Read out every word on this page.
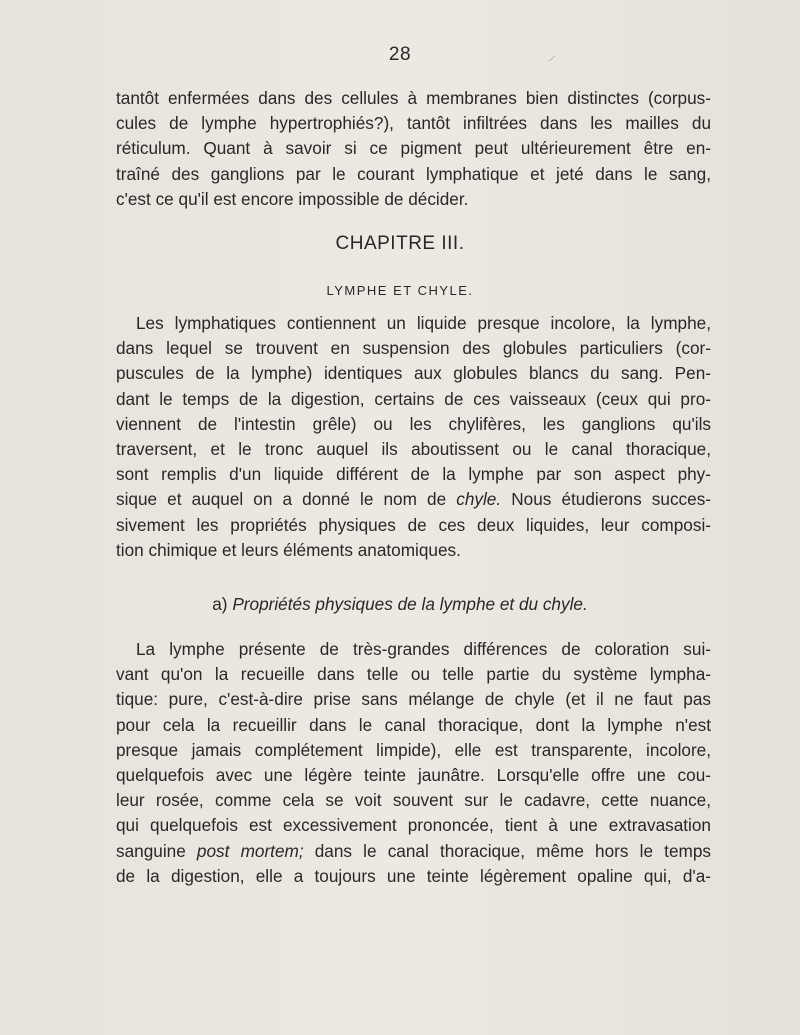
28
tantôt enfermées dans des cellules à membranes bien distinctes (corpus-
cules de lymphe hypertrophiés?), tantôt infiltrées dans les mailles du
réticulum. Quant à savoir si ce pigment peut ultérieurement être en-
traîné des ganglions par le courant lymphatique et jeté dans le sang,
c'est ce qu'il est encore impossible de décider.
CHAPITRE III.
LYMPHE ET CHYLE.
Les lymphatiques contiennent un liquide presque incolore, la lymphe,
dans lequel se trouvent en suspension des globules particuliers (cor-
puscules de la lymphe) identiques aux globules blancs du sang. Pen-
dant le temps de la digestion, certains de ces vaisseaux (ceux qui pro-
viennent de l'intestin grêle) ou les chylifères, les ganglions qu'ils
traversent, et le tronc auquel ils aboutissent ou le canal thoracique,
sont remplis d'un liquide différent de la lymphe par son aspect phy-
sique et auquel on a donné le nom de chyle. Nous étudierons succes-
sivement les propriétés physiques de ces deux liquides, leur composi-
tion chimique et leurs éléments anatomiques.
a) Propriétés physiques de la lymphe et du chyle.
La lymphe présente de très-grandes différences de coloration sui-
vant qu'on la recueille dans telle ou telle partie du système lympha-
tique: pure, c'est-à-dire prise sans mélange de chyle (et il ne faut pas
pour cela la recueillir dans le canal thoracique, dont la lymphe n'est
presque jamais complétement limpide), elle est transparente, incolore,
quelquefois avec une légère teinte jaunâtre. Lorsqu'elle offre une cou-
leur rosée, comme cela se voit souvent sur le cadavre, cette nuance,
qui quelquefois est excessivement prononcée, tient à une extravasation
sanguine post mortem; dans le canal thoracique, même hors le temps
de la digestion, elle a toujours une teinte légèrement opaline qui, d'a-
